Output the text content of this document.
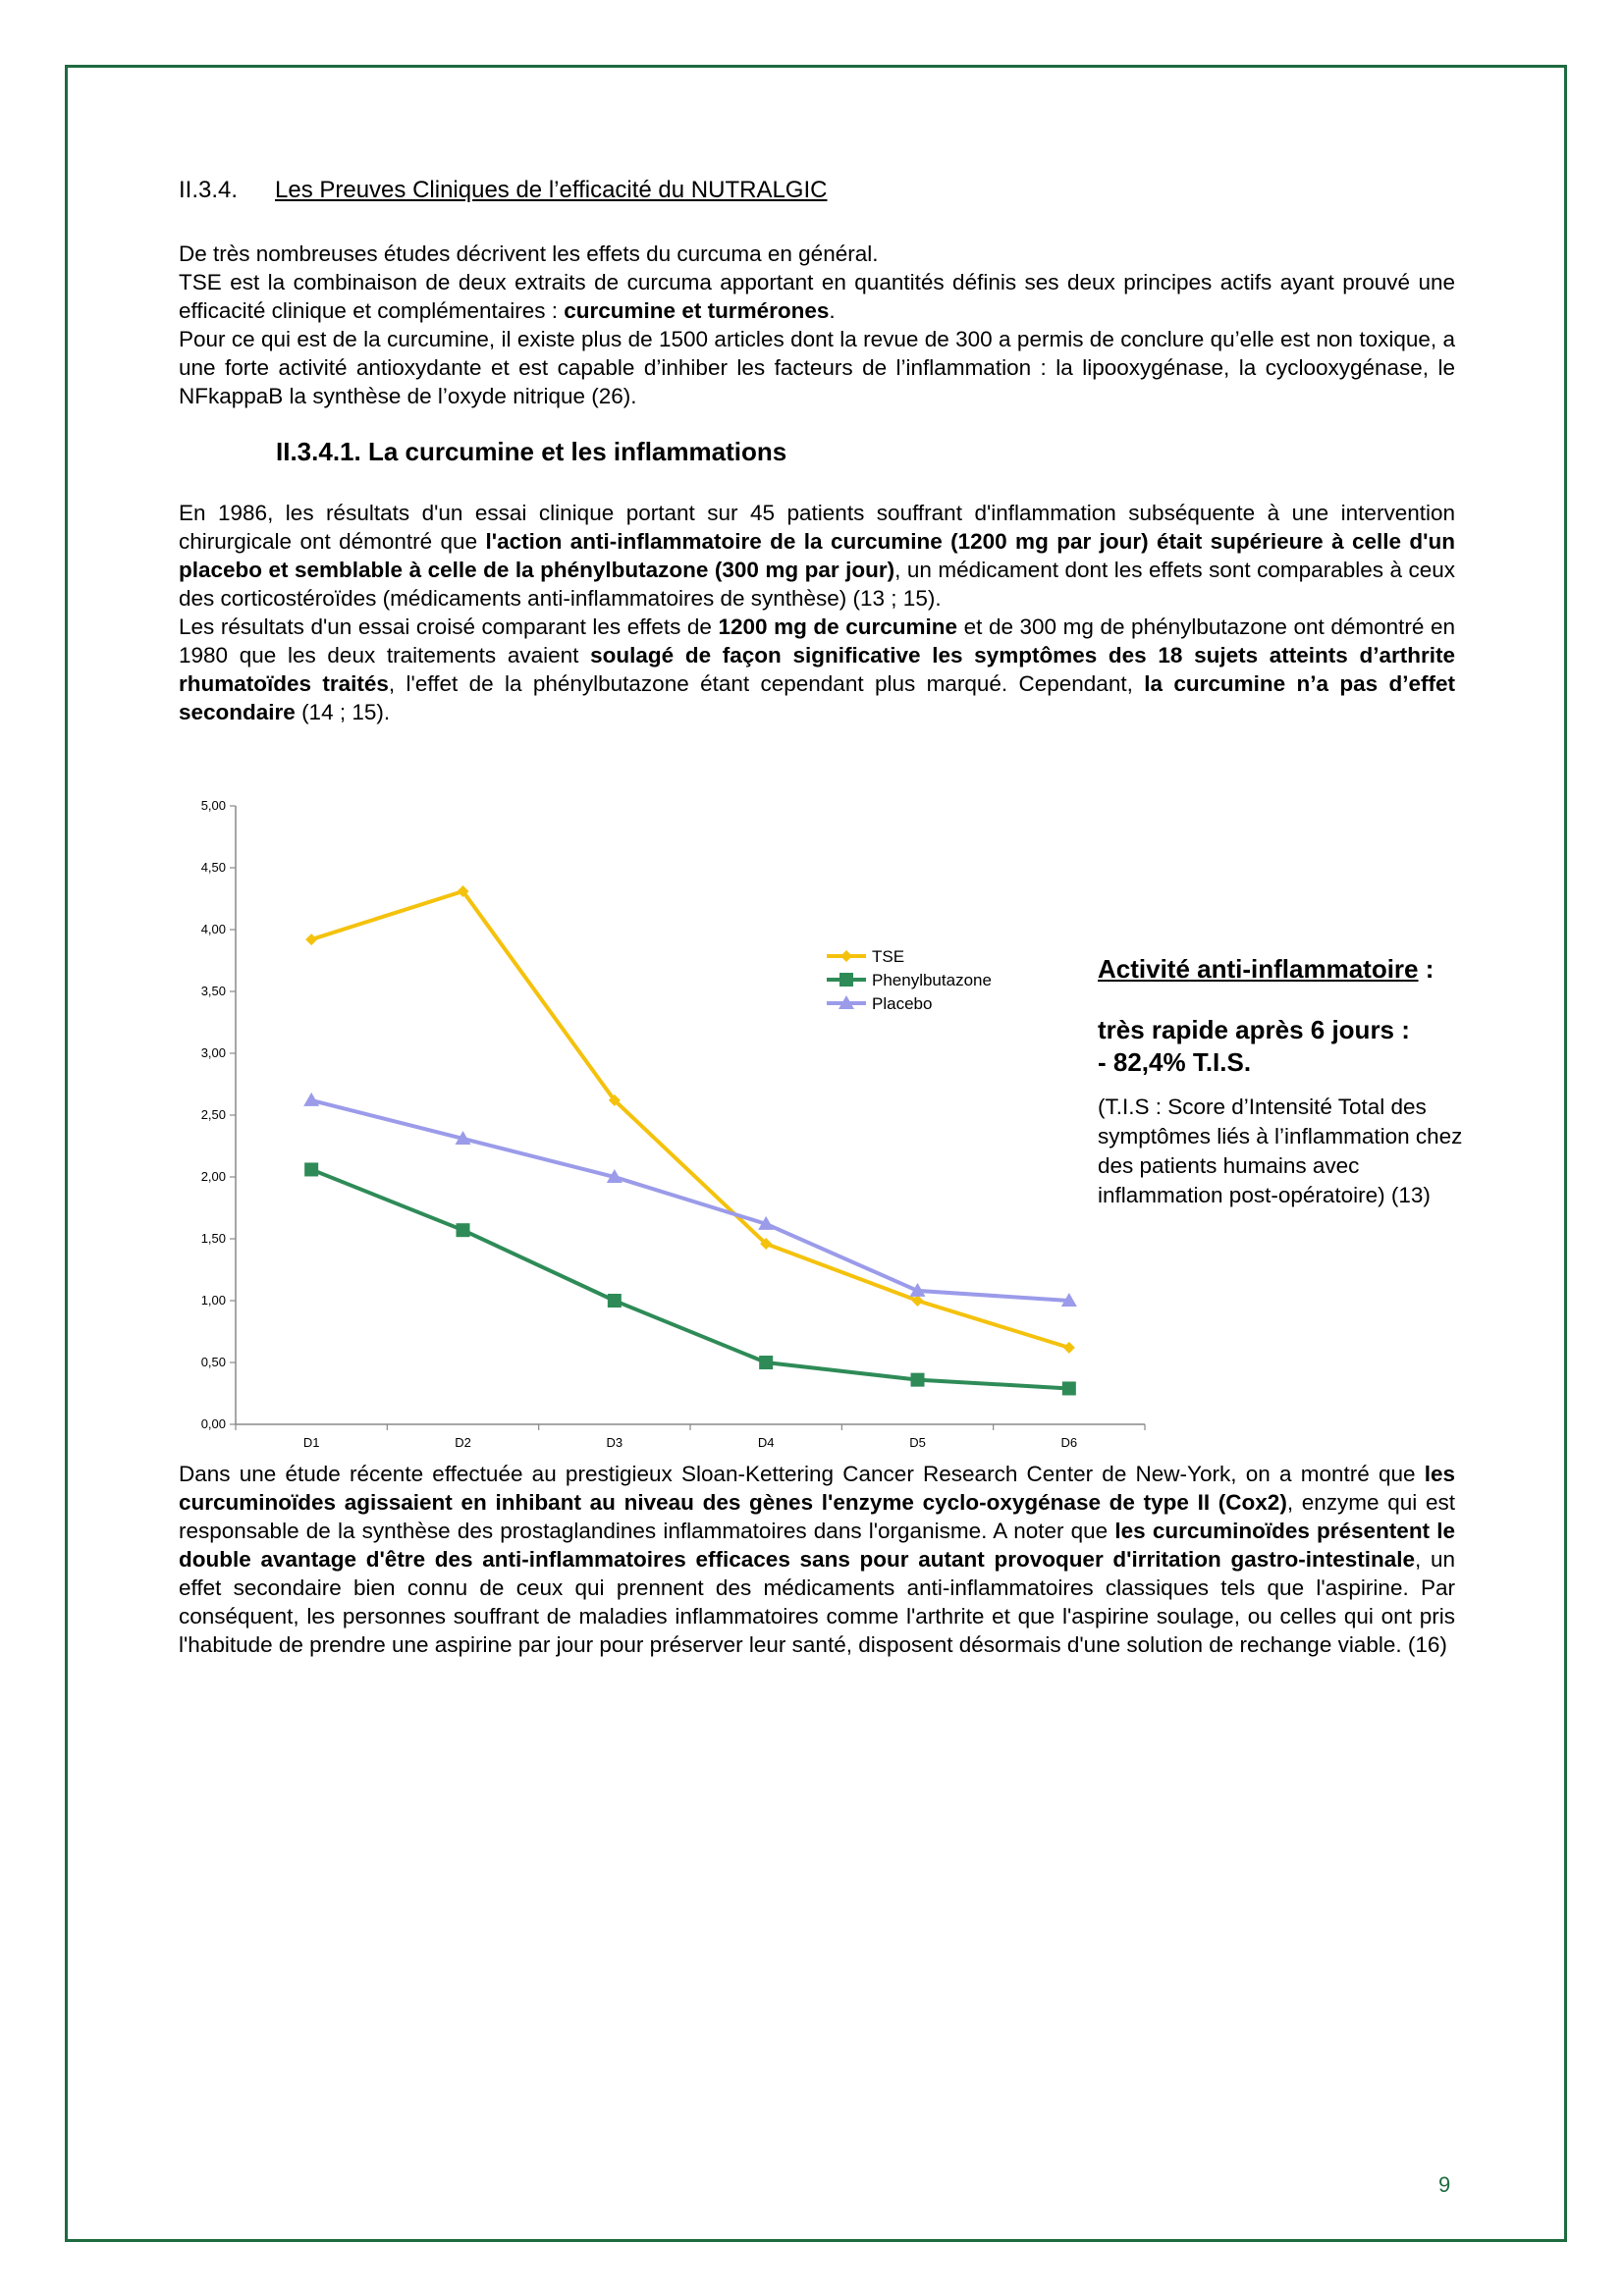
II.3.4. Les Preuves Cliniques de l’efficacité du NUTRALGIC

De très nombreuses études décrivent les effets du curcuma en général.

TSE est la combinaison de deux extraits de curcuma apportant en quantités définis ses deux principes actifs ayant prouvé une efficacité clinique et complémentaires : curcumine et turmérones.

Pour ce qui est de la curcumine, il existe plus de 1500 articles dont la revue de 300 a permis de conclure qu’elle est non toxique, a une forte activité antioxydante et est capable d’inhiber les facteurs de l’inflammation : la lipooxygénase, la cyclooxygénase, le NFkappaB la synthèse de l’oxyde nitrique (26).

II.3.4.1. La curcumine et les inflammations

En 1986, les résultats d'un essai clinique portant sur 45 patients souffrant d'inflammation subséquente à une intervention chirurgicale ont démontré que l'action anti-inflammatoire de la curcumine (1200 mg par jour) était supérieure à celle d'un placebo et semblable à celle de la phénylbutazone (300 mg par jour), un médicament dont les effets sont comparables à ceux des corticostéroïdes (médicaments anti-inflammatoires de synthèse) (13 ; 15).

Les résultats d'un essai croisé comparant les effets de 1200 mg de curcumine et de 300 mg de phénylbutazone ont démontré en 1980 que les deux traitements avaient soulagé de façon significative les symptômes des 18 sujets atteints d’arthrite rhumatoïdes traités, l'effet de la phénylbutazone étant cependant plus marqué. Cependant, la curcumine n’a pas d’effet secondaire (14 ; 15).

0,00
0,50
1,00
1,50
2,00
2,50
3,00
3,50
4,00
4,50
5,00
D1	D2	D3	D4	D5	D6
TSE
Phenylbutazone
Placebo
Activité anti-inflammatoire :
très rapide après 6 jours :
- 82,4% T.I.S.
(T.I.S : Score d’Intensité Total des symptômes liés à l’inflammation chez des patients humains avec inflammation post-opératoire) (13)

Dans une étude récente effectuée au prestigieux Sloan-Kettering Cancer Research Center de New-York, on a montré que les curcuminoïdes agissaient en inhibant au niveau des gènes l'enzyme cyclo-oxygénase de type II (Cox2), enzyme qui est responsable de la synthèse des prostaglandines inflammatoires dans l'organisme. A noter que les curcuminoïdes présentent le double avantage d'être des anti-inflammatoires efficaces sans pour autant provoquer d'irritation gastro-intestinale, un effet secondaire bien connu de ceux qui prennent des médicaments anti-inflammatoires classiques tels que l'aspirine. Par conséquent, les personnes souffrant de maladies inflammatoires comme l'arthrite et que l'aspirine soulage, ou celles qui ont pris l'habitude de prendre une aspirine par jour pour préserver leur santé, disposent désormais d'une solution de rechange viable. (16)

9
